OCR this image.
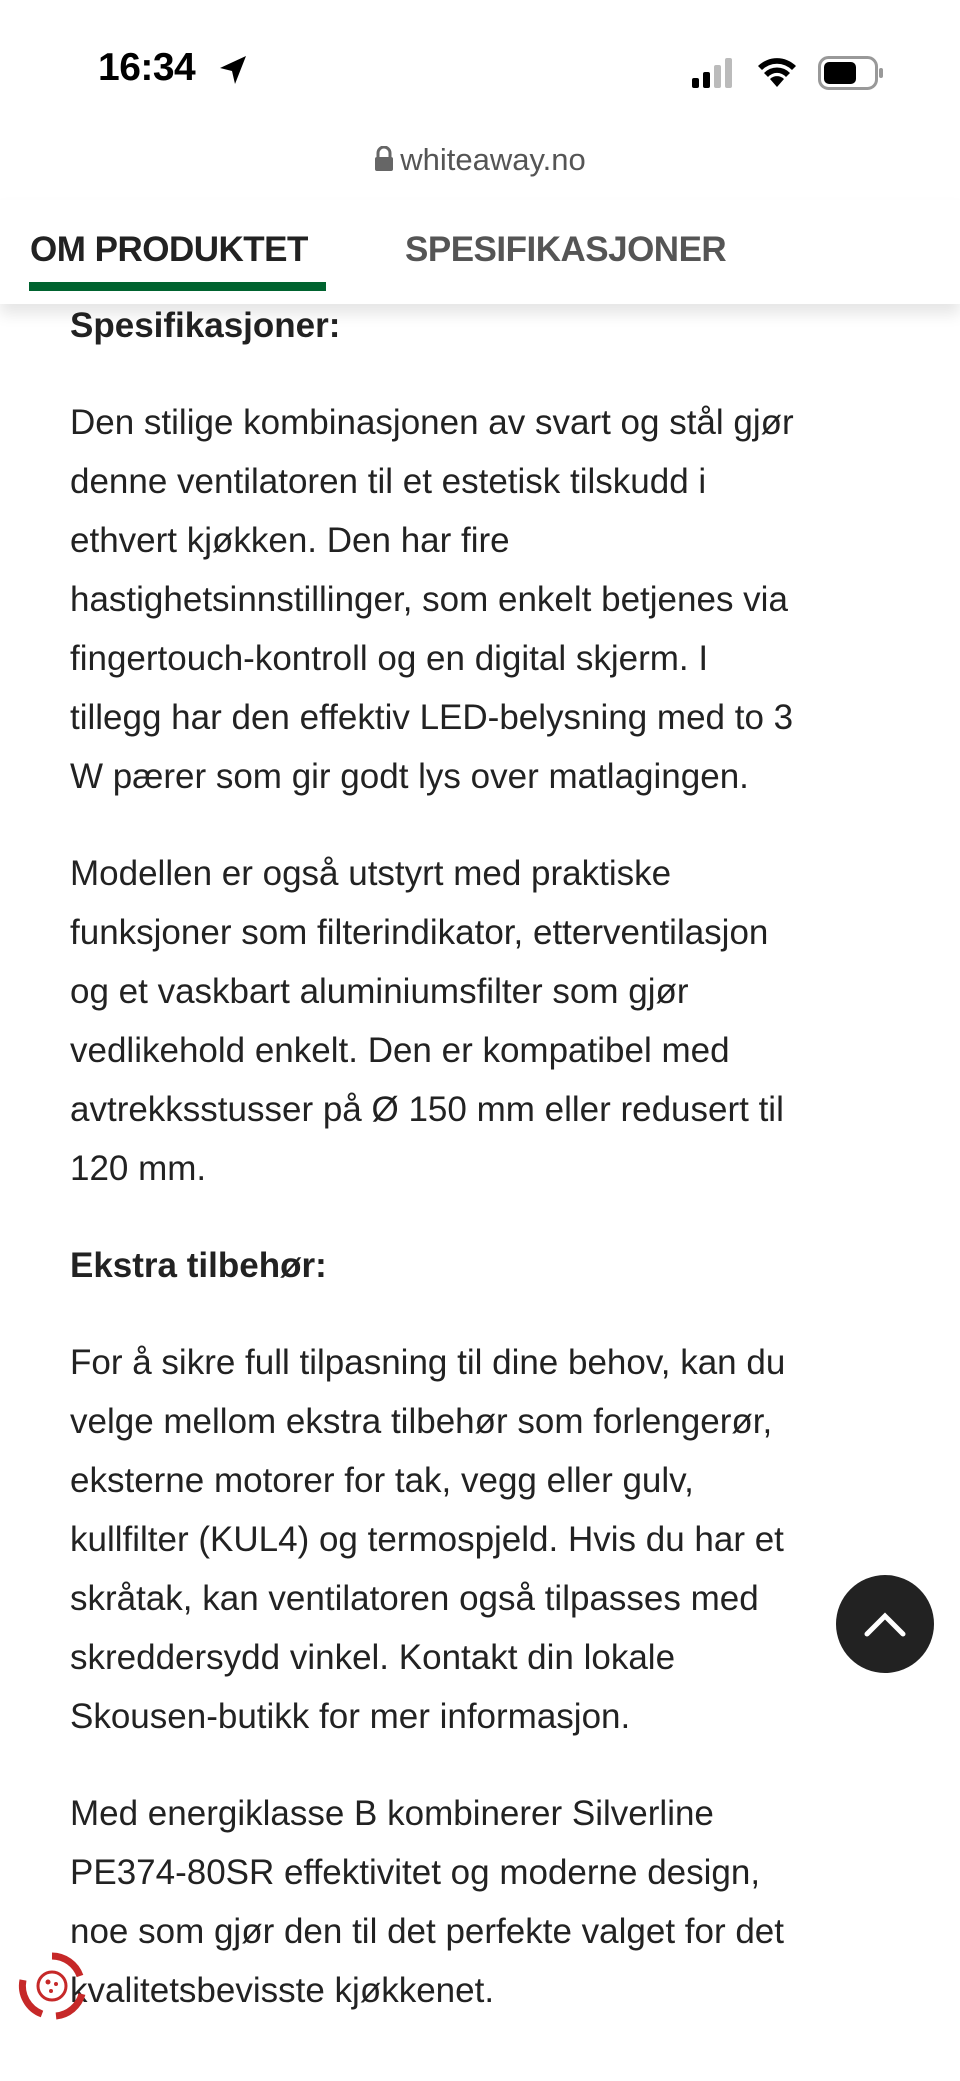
16:34
whiteaway.no
OM PRODUKTET	SPESIFIKASJONER

Spesifikasjoner:

Den stilige kombinasjonen av svart og stål gjør
denne ventilatoren til et estetisk tilskudd i
ethvert kjøkken. Den har fire
hastighetsinnstillinger, som enkelt betjenes via
fingertouch-kontroll og en digital skjerm. I
tillegg har den effektiv LED-belysning med to 3
W pærer som gir godt lys over matlagingen.

Modellen er også utstyrt med praktiske
funksjoner som filterindikator, etterventilasjon
og et vaskbart aluminiumsfilter som gjør
vedlikehold enkelt. Den er kompatibel med
avtrekksstusser på Ø 150 mm eller redusert til
120 mm.

Ekstra tilbehør:

For å sikre full tilpasning til dine behov, kan du
velge mellom ekstra tilbehør som forlengerør,
eksterne motorer for tak, vegg eller gulv,
kullfilter (KUL4) og termospjeld. Hvis du har et
skråtak, kan ventilatoren også tilpasses med
skreddersydd vinkel. Kontakt din lokale
Skousen-butikk for mer informasjon.

Med energiklasse B kombinerer Silverline
PE374-80SR effektivitet og moderne design,
noe som gjør den til det perfekte valget for det
kvalitetsbevisste kjøkkenet.
